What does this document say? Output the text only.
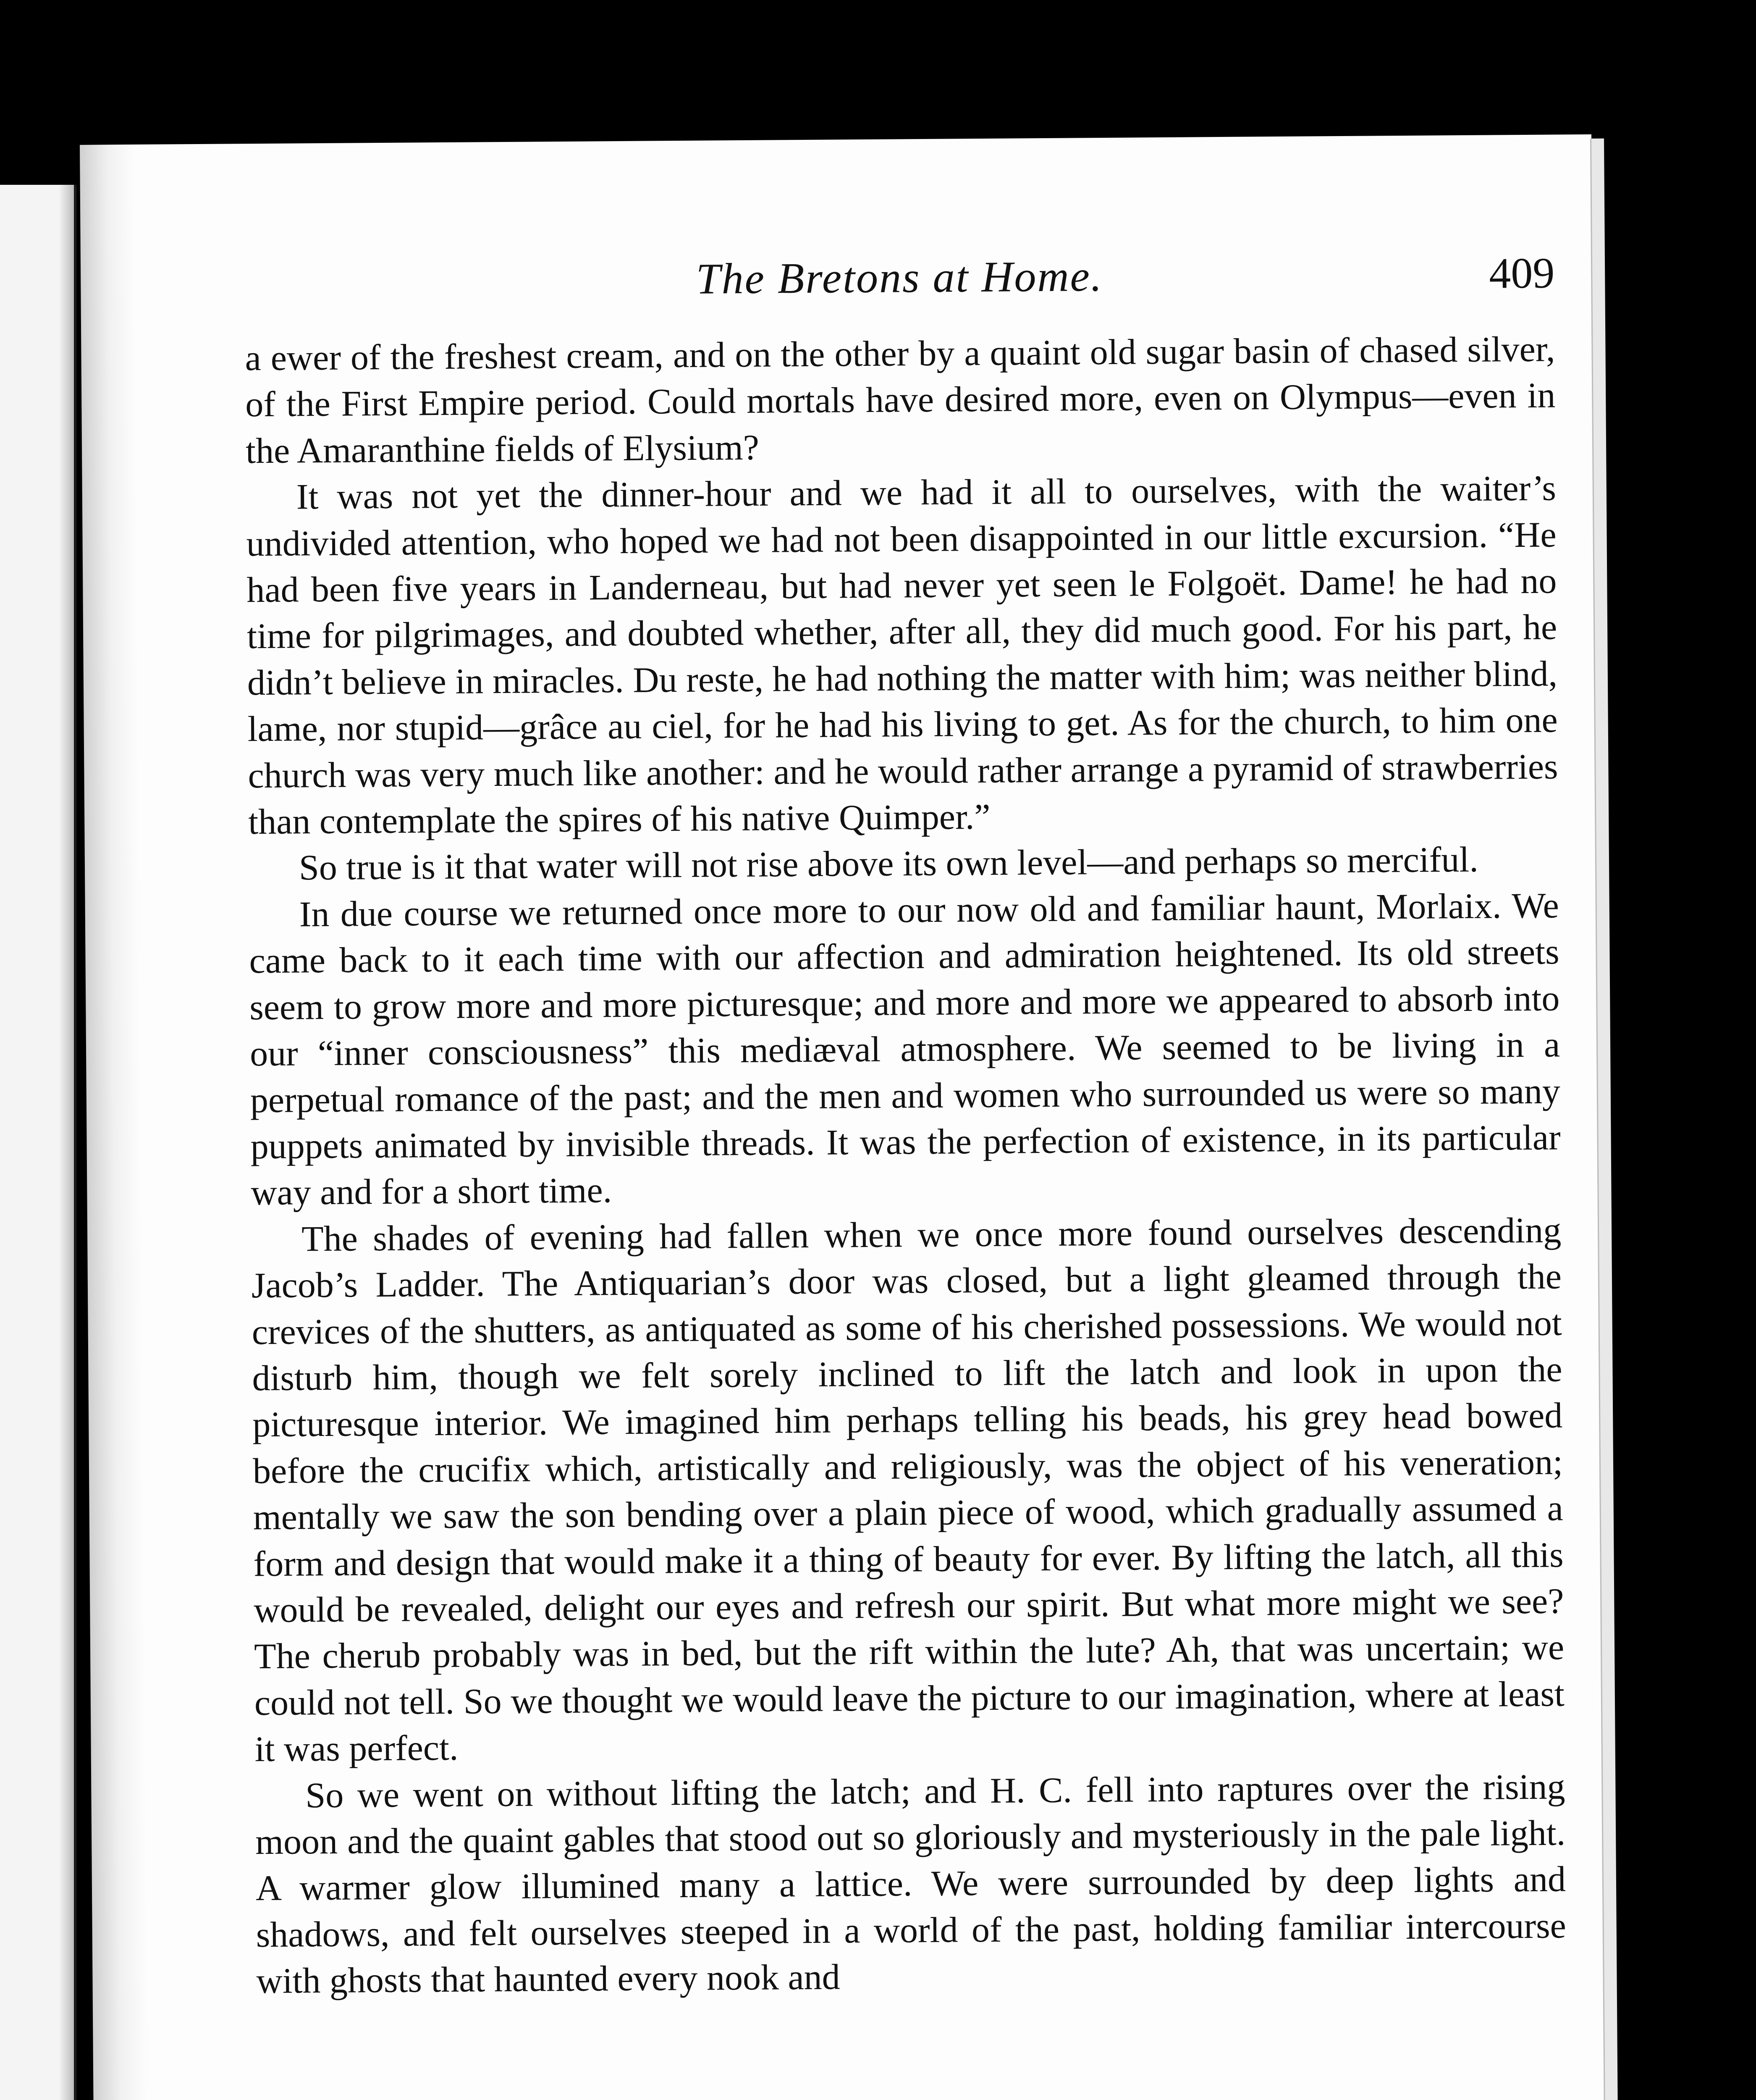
The Bretons at Home.	409

a ewer of the freshest cream, and on the other by a quaint old sugar basin of chased silver, of the First Empire period. Could mortals have desired more, even on Olympus—even in the Amaranthine fields of Elysium?

It was not yet the dinner-hour and we had it all to ourselves, with the waiter’s undivided attention, who hoped we had not been disappointed in our little excursion. “He had been five years in Landerneau, but had never yet seen le Folgoët. Dame! he had no time for pilgrimages, and doubted whether, after all, they did much good. For his part, he didn’t believe in miracles. Du reste, he had nothing the matter with him; was neither blind, lame, nor stupid—grâce au ciel, for he had his living to get. As for the church, to him one church was very much like another: and he would rather arrange a pyramid of strawberries than contemplate the spires of his native Quimper.”

So true is it that water will not rise above its own level—and perhaps so merciful.

In due course we returned once more to our now old and familiar haunt, Morlaix. We came back to it each time with our affection and admiration heightened. Its old streets seem to grow more and more picturesque; and more and more we appeared to absorb into our “inner consciousness” this mediæval atmosphere. We seemed to be living in a perpetual romance of the past; and the men and women who surrounded us were so many puppets animated by invisible threads. It was the perfection of existence, in its particular way and for a short time.

The shades of evening had fallen when we once more found ourselves descending Jacob’s Ladder. The Antiquarian’s door was closed, but a light gleamed through the crevices of the shutters, as antiquated as some of his cherished possessions. We would not disturb him, though we felt sorely inclined to lift the latch and look in upon the picturesque interior. We imagined him perhaps telling his beads, his grey head bowed before the crucifix which, artistically and religiously, was the object of his veneration; mentally we saw the son bending over a plain piece of wood, which gradually assumed a form and design that would make it a thing of beauty for ever. By lifting the latch, all this would be revealed, delight our eyes and refresh our spirit. But what more might we see? The cherub probably was in bed, but the rift within the lute? Ah, that was uncertain; we could not tell. So we thought we would leave the picture to our imagination, where at least it was perfect.

So we went on without lifting the latch; and H. C. fell into raptures over the rising moon and the quaint gables that stood out so gloriously and mysteriously in the pale light. A warmer glow illumined many a lattice. We were surrounded by deep lights and shadows, and felt ourselves steeped in a world of the past, holding familiar intercourse with ghosts that haunted every nook and
